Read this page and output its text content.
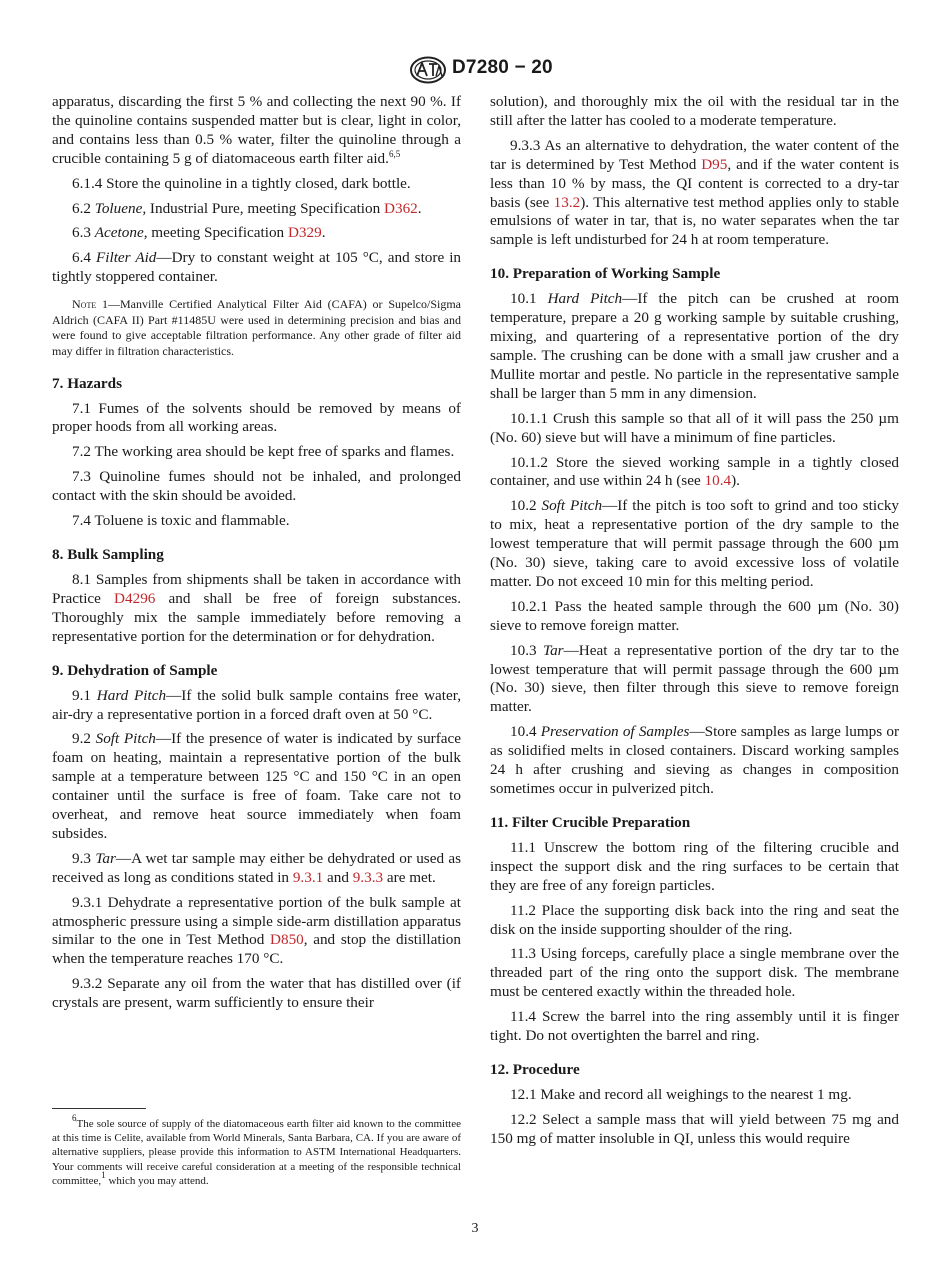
D7280 − 20

apparatus, discarding the first 5 % and collecting the next 90 %. If the quinoline contains suspended matter but is clear, light in color, and contains less than 0.5 % water, filter the quinoline through a crucible containing 5 g of diatomaceous earth filter aid.$^{6,5}$

6.1.4 Store the quinoline in a tightly closed, dark bottle.

6.2 Toluene, Industrial Pure, meeting Specification D362.

6.3 Acetone, meeting Specification D329.

6.4 Filter Aid—Dry to constant weight at 105 °C, and store in tightly stoppered container.

Note 1—Manville Certified Analytical Filter Aid (CAFA) or Supelco/Sigma Aldrich (CAFA II) Part #11485U were used in determining precision and bias and were found to give acceptable filtration performance. Any other grade of filter aid may differ in filtration characteristics.
7. Hazards

7.1 Fumes of the solvents should be removed by means of proper hoods from all working areas.

7.2 The working area should be kept free of sparks and flames.

7.3 Quinoline fumes should not be inhaled, and prolonged contact with the skin should be avoided.

7.4 Toluene is toxic and flammable.

8. Bulk Sampling

8.1 Samples from shipments shall be taken in accordance with Practice D4296 and shall be free of foreign substances. Thoroughly mix the sample immediately before removing a representative portion for the determination or for dehydration.

9. Dehydration of Sample

9.1 Hard Pitch—If the solid bulk sample contains free water, air-dry a representative portion in a forced draft oven at 50 °C.

9.2 Soft Pitch—If the presence of water is indicated by surface foam on heating, maintain a representative portion of the bulk sample at a temperature between 125 °C and 150 °C in an open container until the surface is free of foam. Take care not to overheat, and remove heat source immediately when foam subsides.

9.3 Tar—A wet tar sample may either be dehydrated or used as received as long as conditions stated in 9.3.1 and 9.3.3 are met.

9.3.1 Dehydrate a representative portion of the bulk sample at atmospheric pressure using a simple side-arm distillation apparatus similar to the one in Test Method D850, and stop the distillation when the temperature reaches 170 °C.

9.3.2 Separate any oil from the water that has distilled over (if crystals are present, warm sufficiently to ensure their

$^6$The sole source of supply of the diatomaceous earth filter aid known to the committee at this time is Celite, available from World Minerals, Santa Barbara, CA. If you are aware of alternative suppliers, please provide this information to ASTM International Headquarters. Your comments will receive careful consideration at a meeting of the responsible technical committee,$^1$ which you may attend.

solution), and thoroughly mix the oil with the residual tar in the still after the latter has cooled to a moderate temperature.

9.3.3 As an alternative to dehydration, the water content of the tar is determined by Test Method D95, and if the water content is less than 10 % by mass, the QI content is corrected to a dry-tar basis (see 13.2). This alternative test method applies only to stable emulsions of water in tar, that is, no water separates when the tar sample is left undisturbed for 24 h at room temperature.

10. Preparation of Working Sample

10.1 Hard Pitch—If the pitch can be crushed at room temperature, prepare a 20 g working sample by suitable crushing, mixing, and quartering of a representative portion of the dry sample. The crushing can be done with a small jaw crusher and a Mullite mortar and pestle. No particle in the representative sample shall be larger than 5 mm in any dimension.

10.1.1 Crush this sample so that all of it will pass the 250 µm (No. 60) sieve but will have a minimum of fine particles.

10.1.2 Store the sieved working sample in a tightly closed container, and use within 24 h (see 10.4).

10.2 Soft Pitch—If the pitch is too soft to grind and too sticky to mix, heat a representative portion of the dry sample to the lowest temperature that will permit passage through the 600 µm (No. 30) sieve, taking care to avoid excessive loss of volatile matter. Do not exceed 10 min for this melting period.

10.2.1 Pass the heated sample through the 600 µm (No. 30) sieve to remove foreign matter.

10.3 Tar—Heat a representative portion of the dry tar to the lowest temperature that will permit passage through the 600 µm (No. 30) sieve, then filter through this sieve to remove foreign matter.

10.4 Preservation of Samples—Store samples as large lumps or as solidified melts in closed containers. Discard working samples 24 h after crushing and sieving as changes in composition sometimes occur in pulverized pitch.

11. Filter Crucible Preparation

11.1 Unscrew the bottom ring of the filtering crucible and inspect the support disk and the ring surfaces to be certain that they are free of any foreign particles.

11.2 Place the supporting disk back into the ring and seat the disk on the inside supporting shoulder of the ring.

11.3 Using forceps, carefully place a single membrane over the threaded part of the ring onto the support disk. The membrane must be centered exactly within the threaded hole.

11.4 Screw the barrel into the ring assembly until it is finger tight. Do not overtighten the barrel and ring.

12. Procedure

12.1 Make and record all weighings to the nearest 1 mg.

12.2 Select a sample mass that will yield between 75 mg and 150 mg of matter insoluble in QI, unless this would require

3
